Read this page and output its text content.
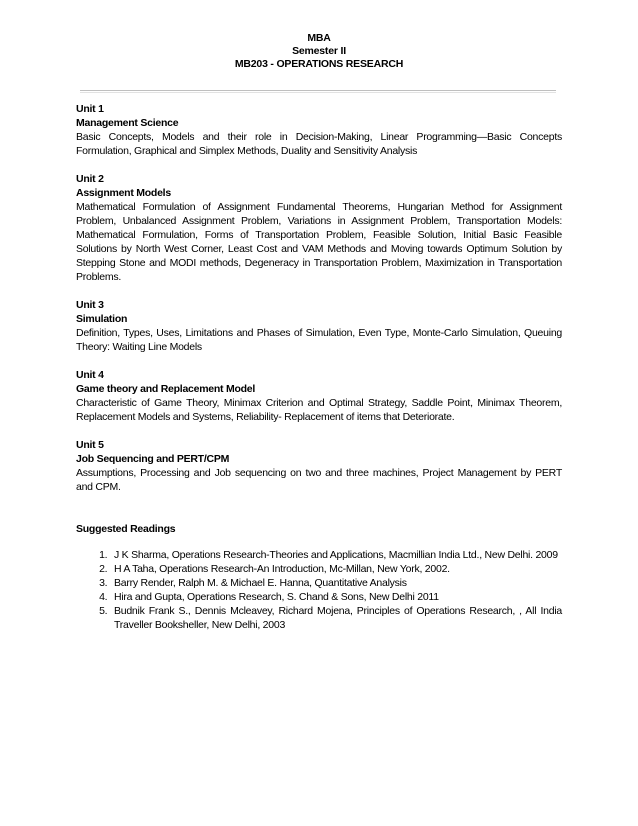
MBA
Semester II
MB203 - OPERATIONS RESEARCH
Unit 1
Management Science
Basic Concepts, Models and their role in Decision-Making, Linear Programming—Basic Concepts Formulation, Graphical and Simplex Methods, Duality and Sensitivity Analysis
Unit 2
Assignment Models
Mathematical Formulation of Assignment Fundamental Theorems, Hungarian Method for Assignment Problem, Unbalanced Assignment Problem, Variations in Assignment Problem, Transportation Models: Mathematical Formulation, Forms of Transportation Problem, Feasible Solution, Initial Basic Feasible Solutions by North West Corner, Least Cost and VAM Methods and Moving towards Optimum Solution by Stepping Stone and MODI methods, Degeneracy in Transportation Problem, Maximization in Transportation Problems.
Unit 3
Simulation
Definition, Types, Uses, Limitations and Phases of Simulation, Even Type, Monte-Carlo Simulation, Queuing Theory: Waiting Line Models
Unit 4
Game theory and Replacement Model
Characteristic of Game Theory, Minimax Criterion and Optimal Strategy, Saddle Point, Minimax Theorem, Replacement Models and Systems, Reliability- Replacement of items that Deteriorate.
Unit 5
Job Sequencing and PERT/CPM
Assumptions, Processing and Job sequencing on two and three machines, Project Management by PERT and CPM.
Suggested Readings
1. J K Sharma, Operations Research-Theories and Applications, Macmillian India Ltd., New Delhi. 2009
2. H A Taha, Operations Research-An Introduction, Mc-Millan, New York, 2002.
3. Barry Render, Ralph M. & Michael E. Hanna, Quantitative Analysis
4. Hira and Gupta, Operations Research, S. Chand & Sons, New Delhi 2011
5. Budnik Frank S., Dennis Mcleavey, Richard Mojena, Principles of Operations Research, , All India Traveller Booksheller, New Delhi, 2003
